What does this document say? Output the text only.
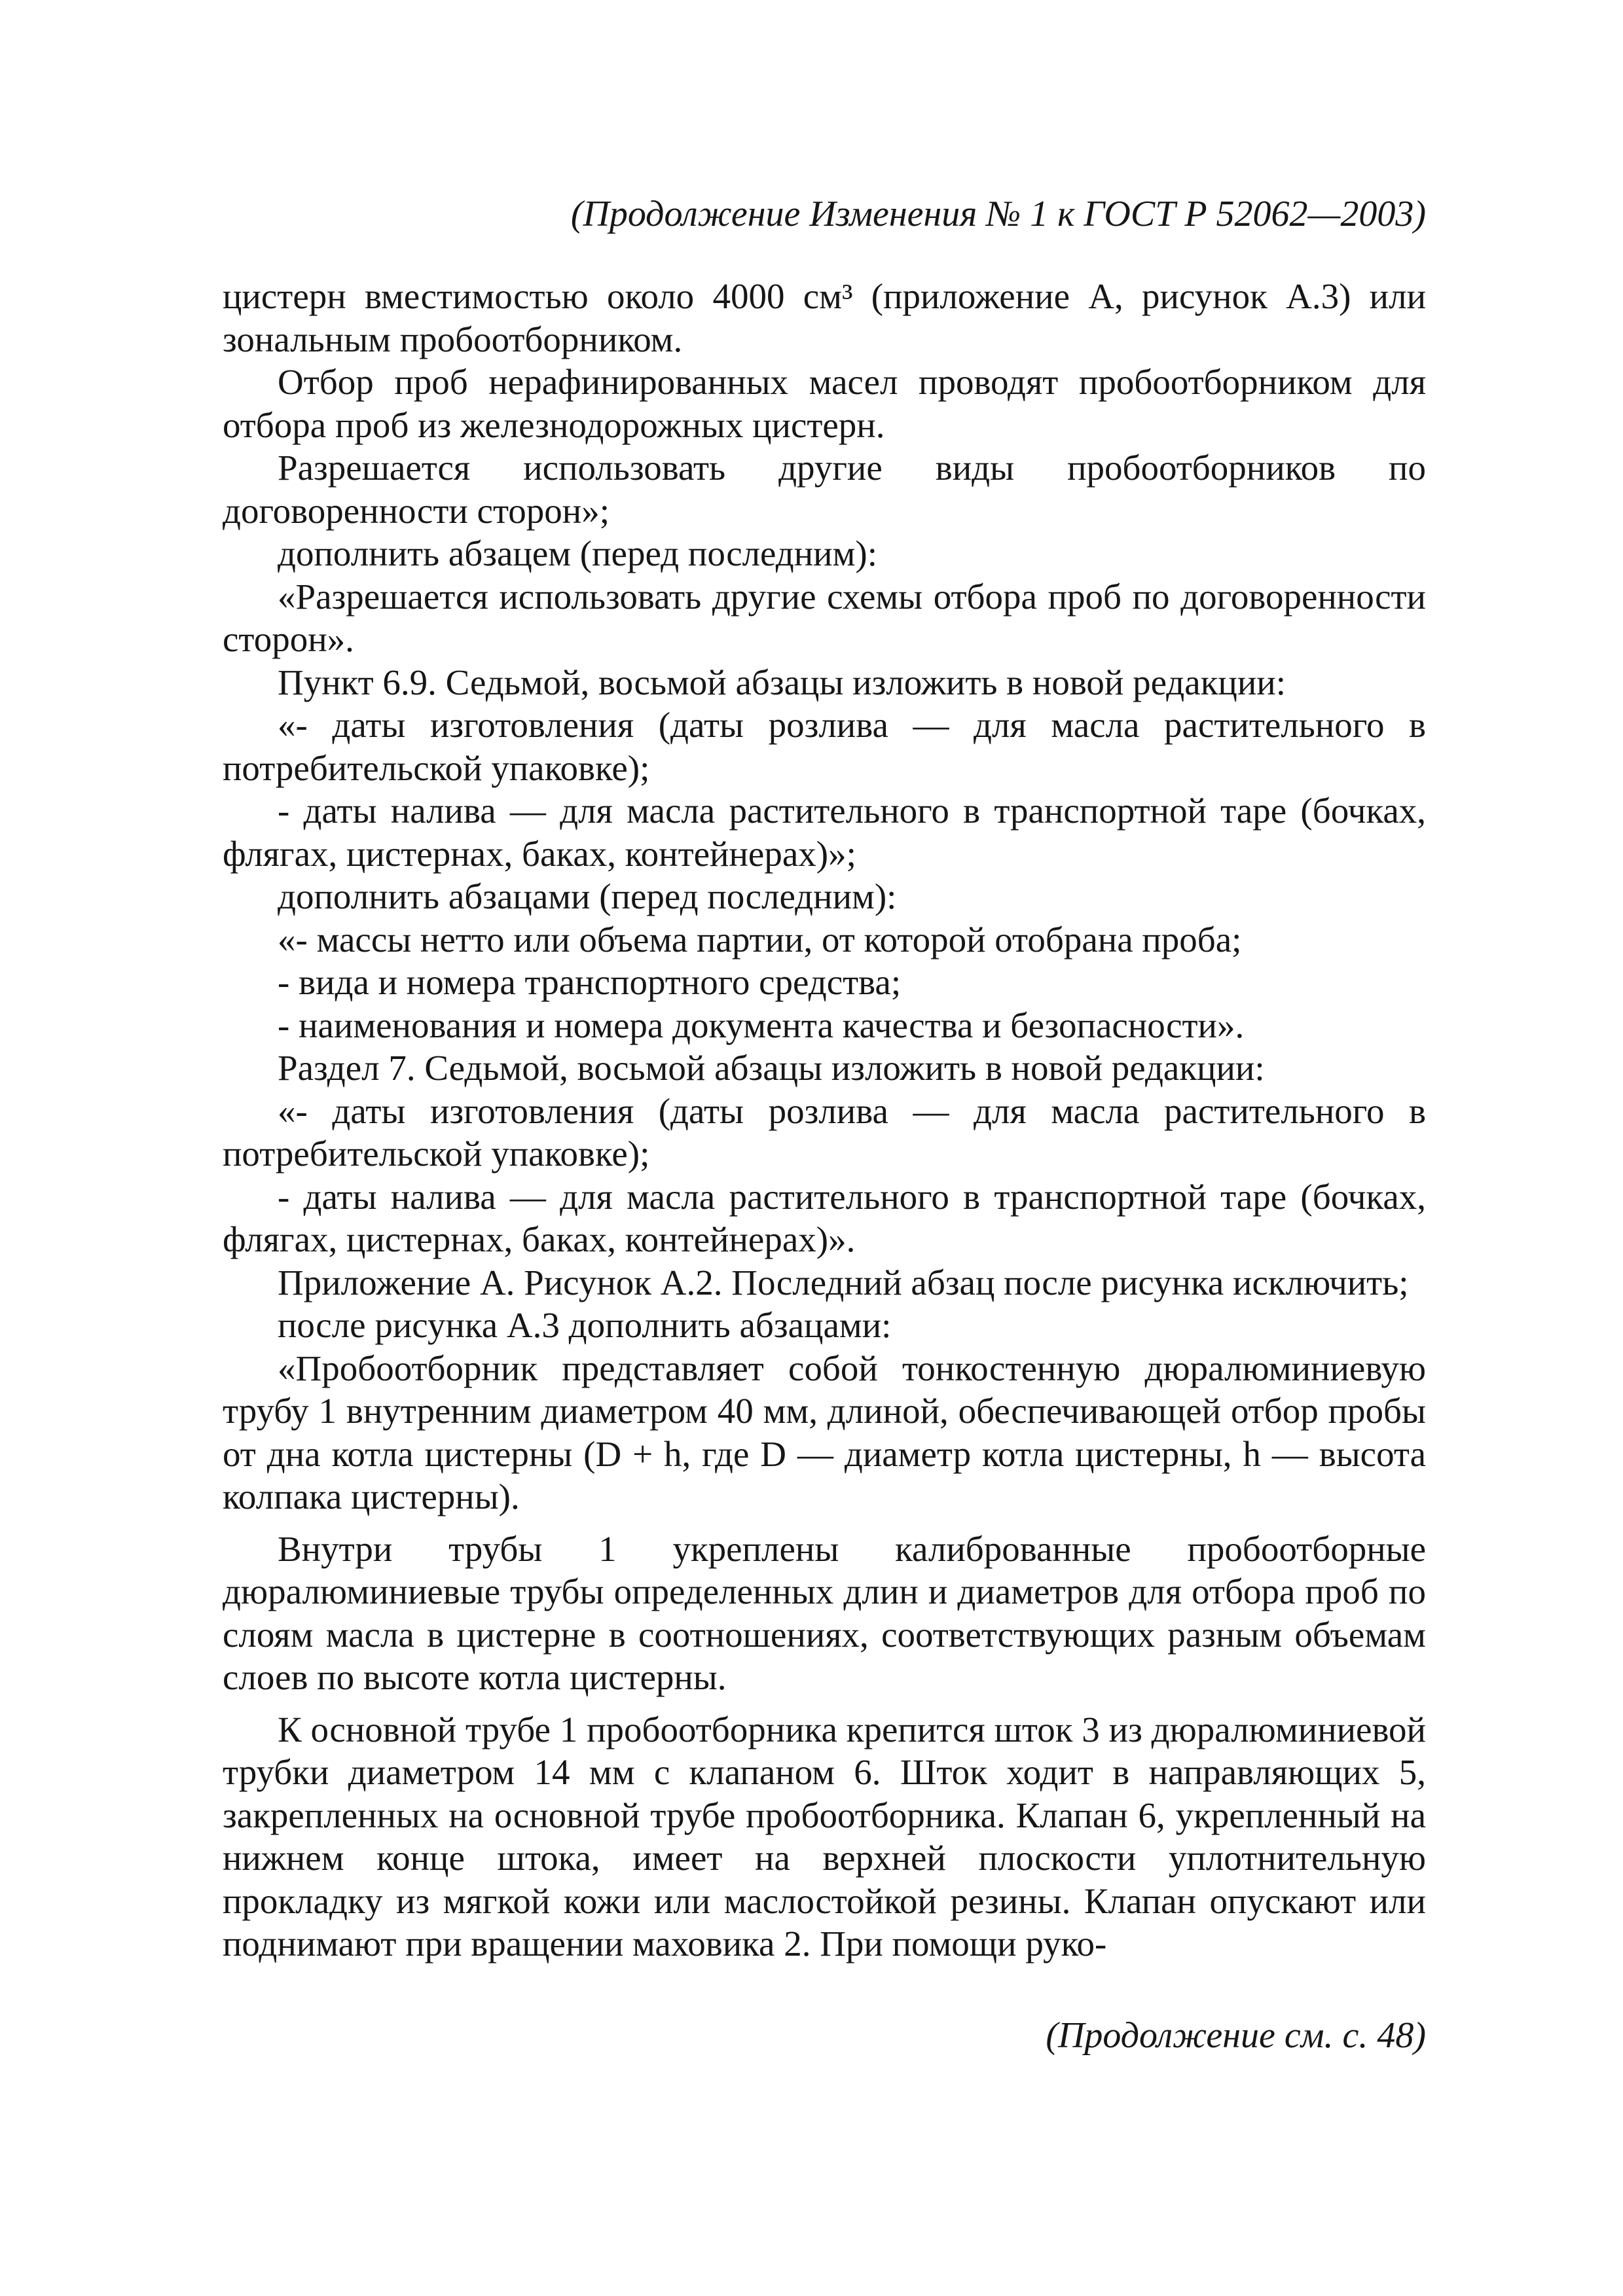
(Продолжение Изменения № 1 к ГОСТ Р 52062—2003)

цистерн вместимостью около 4000 см³ (приложение А, рисунок А.3) или зональным пробоотборником.

Отбор проб нерафинированных масел проводят пробоотборником для отбора проб из железнодорожных цистерн.

Разрешается использовать другие виды пробоотборников по договоренности сторон»;

дополнить абзацем (перед последним):

«Разрешается использовать другие схемы отбора проб по договоренности сторон».

Пункт 6.9. Седьмой, восьмой абзацы изложить в новой редакции:

«- даты изготовления (даты розлива — для масла растительного в потребительской упаковке);

- даты налива — для масла растительного в транспортной таре (бочках, флягах, цистернах, баках, контейнерах)»;

дополнить абзацами (перед последним):

«- массы нетто или объема партии, от которой отобрана проба;

- вида и номера транспортного средства;

- наименования и номера документа качества и безопасности».

Раздел 7. Седьмой, восьмой абзацы изложить в новой редакции:

«- даты изготовления (даты розлива — для масла растительного в потребительской упаковке);

- даты налива — для масла растительного в транспортной таре (бочках, флягах, цистернах, баках, контейнерах)».

Приложение А. Рисунок А.2. Последний абзац после рисунка исключить;

после рисунка А.3 дополнить абзацами:

«Пробоотборник представляет собой тонкостенную дюралюминиевую трубу 1 внутренним диаметром 40 мм, длиной, обеспечивающей отбор пробы от дна котла цистерны (D + h, где D — диаметр котла цистерны, h — высота колпака цистерны).

Внутри трубы 1 укреплены калиброванные пробоотборные дюралюминиевые трубы определенных длин и диаметров для отбора проб по слоям масла в цистерне в соотношениях, соответствующих разным объемам слоев по высоте котла цистерны.

К основной трубе 1 пробоотборника крепится шток 3 из дюралюминиевой трубки диаметром 14 мм с клапаном 6. Шток ходит в направляющих 5, закрепленных на основной трубе пробоотборника. Клапан 6, укрепленный на нижнем конце штока, имеет на верхней плоскости уплотнительную прокладку из мягкой кожи или маслостойкой резины. Клапан опускают или поднимают при вращении маховика 2. При помощи руко-

(Продолжение см. с. 48)
